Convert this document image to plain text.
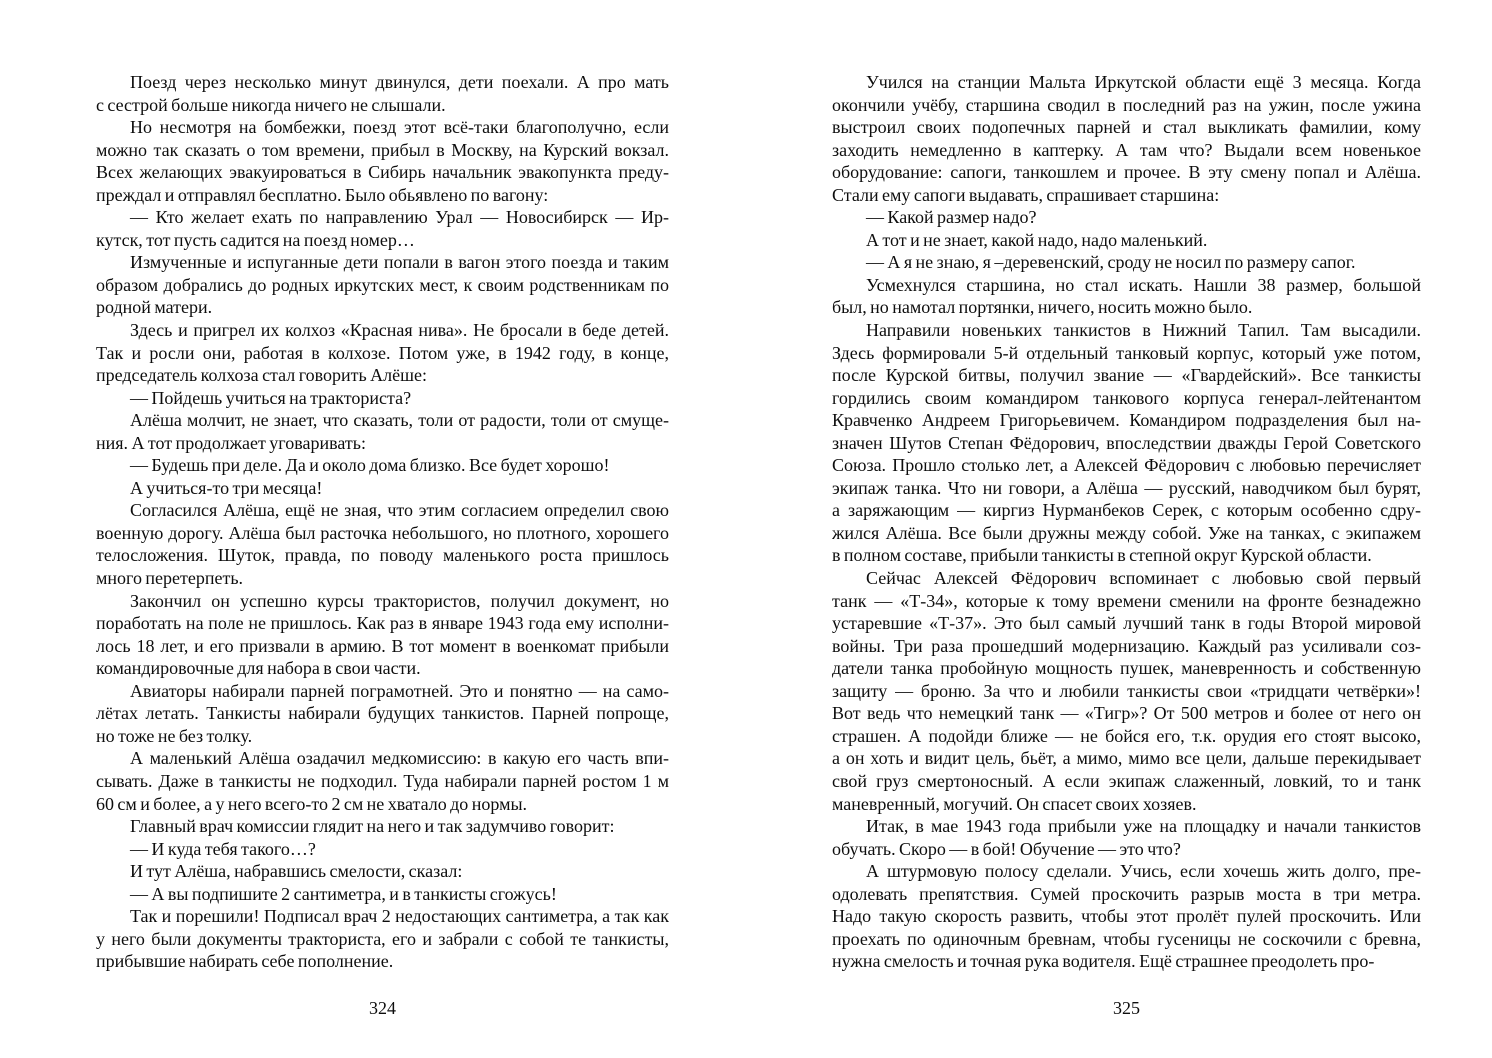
Поезд через несколько минут двинулся, дети поехали. А про мать
с сестрой больше никогда ничего не слышали.

Но несмотря на бомбежки, поезд этот всё-таки благополучно, если
можно так сказать о том времени, прибыл в Москву, на Курский вокзал.
Всех желающих эвакуироваться в Сибирь начальник эвакопункта преду-
преждал и отправлял бесплатно. Было обьявлено по вагону:

— Кто желает ехать по направлению Урал — Новосибирск — Ир-
кутск, тот пусть садится на поезд номер…

Измученные и испуганные дети попали в вагон этого поезда и таким
образом добрались до родных иркутских мест, к своим родственникам по
родной матери.

Здесь и пригрел их колхоз «Красная нива». Не бросали в беде детей.
Так и росли они, работая в колхозе. Потом уже, в 1942 году, в конце,
председатель колхоза стал говорить Алёше:

— Пойдешь учиться на тракториста?

Алёша молчит, не знает, что сказать, толи от радости, толи от смуще-
ния. А тот продолжает уговаривать:

— Будешь при деле. Да и около дома близко. Все будет хорошо!

А учиться-то три месяца!

Согласился Алёша, ещё не зная, что этим согласием определил свою
военную дорогу. Алёша был расточка небольшого, но плотного, хорошего
телосложения. Шуток, правда, по поводу маленького роста пришлось
много перетерпеть.

Закончил он успешно курсы трактористов, получил документ, но
поработать на поле не пришлось. Как раз в январе 1943 года ему исполни-
лось 18 лет, и его призвали в армию. В тот момент в военкомат прибыли
командировочные для набора в свои части.

Авиаторы набирали парней пограмотней. Это и понятно — на само-
лётах летать. Танкисты набирали будущих танкистов. Парней попроще,
но тоже не без толку.

А маленький Алёша озадачил медкомиссию: в какую его часть впи-
сывать. Даже в танкисты не подходил. Туда набирали парней ростом 1 м
60 см и более, а у него всего-то 2 см не хватало до нормы.

Главный врач комиссии глядит на него и так задумчиво говорит:

— И куда тебя такого…?

И тут Алёша, набравшись смелости, сказал:

— А вы подпишите 2 сантиметра, и в танкисты сгожусь!

Так и порешили! Подписал врач 2 недостающих сантиметра, а так как
у него были документы тракториста, его и забрали с собой те танкисты,
прибывшие набирать себе пополнение.

324

Учился на станции Мальта Иркутской области ещё 3 месяца. Когда
окончили учёбу, старшина сводил в последний раз на ужин, после ужина
выстроил своих подопечных парней и стал выкликать фамилии, кому
заходить немедленно в каптерку. А там что? Выдали всем новенькое
оборудование: сапоги, танкошлем и прочее. В эту смену попал и Алёша.
Стали ему сапоги выдавать, спрашивает старшина:

— Какой размер надо?

А тот и не знает, какой надо, надо маленький.

— А я не знаю, я –деревенский, сроду не носил по размеру сапог.

Усмехнулся старшина, но стал искать. Нашли 38 размер, большой
был, но намотал портянки, ничего, носить можно было.

Направили новеньких танкистов в Нижний Тапил. Там высадили.
Здесь формировали 5-й отдельный танковый корпус, который уже потом,
после Курской битвы, получил звание — «Гвардейский». Все танкисты
гордились своим командиром танкового корпуса генерал-лейтенантом
Кравченко Андреем Григорьевичем. Командиром подразделения был на-
значен Шутов Степан Фёдорович, впоследствии дважды Герой Советского
Союза. Прошло столько лет, а Алексей Фёдорович с любовью перечисляет
экипаж танка. Что ни говори, а Алёша — русский, наводчиком был бурят,
а заряжающим — киргиз Нурманбеков Серек, с которым особенно сдру-
жился Алёша. Все были дружны между собой. Уже на танках, с экипажем
в полном составе, прибыли танкисты в степной округ Курской области.

Сейчас Алексей Фёдорович вспоминает с любовью свой первый
танк — «Т-34», которые к тому времени сменили на фронте безнадежно
устаревшие «Т-37». Это был самый лучший танк в годы Второй мировой
войны. Три раза прошедший модернизацию. Каждый раз усиливали соз-
датели танка пробойную мощность пушек, маневренность и собственную
защиту — броню. За что и любили танкисты свои «тридцати четвёрки»!
Вот ведь что немецкий танк — «Тигр»? От 500 метров и более от него он
страшен. А подойди ближе — не бойся его, т.к. орудия его стоят высоко,
а он хоть и видит цель, бьёт, а мимо, мимо все цели, дальше перекидывает
свой груз смертоносный. А если экипаж слаженный, ловкий, то и танк
маневренный, могучий. Он спасет своих хозяев.

Итак, в мае 1943 года прибыли уже на площадку и начали танкистов
обучать. Скоро — в бой! Обучение — это что?

А штурмовую полосу сделали. Учись, если хочешь жить долго, пре-
одолевать препятствия. Сумей проскочить разрыв моста в три метра.
Надо такую скорость развить, чтобы этот пролёт пулей проскочить. Или
проехать по одиночным бревнам, чтобы гусеницы не соскочили с бревна,
нужна смелость и точная рука водителя. Ещё страшнее преодолеть про-

325
